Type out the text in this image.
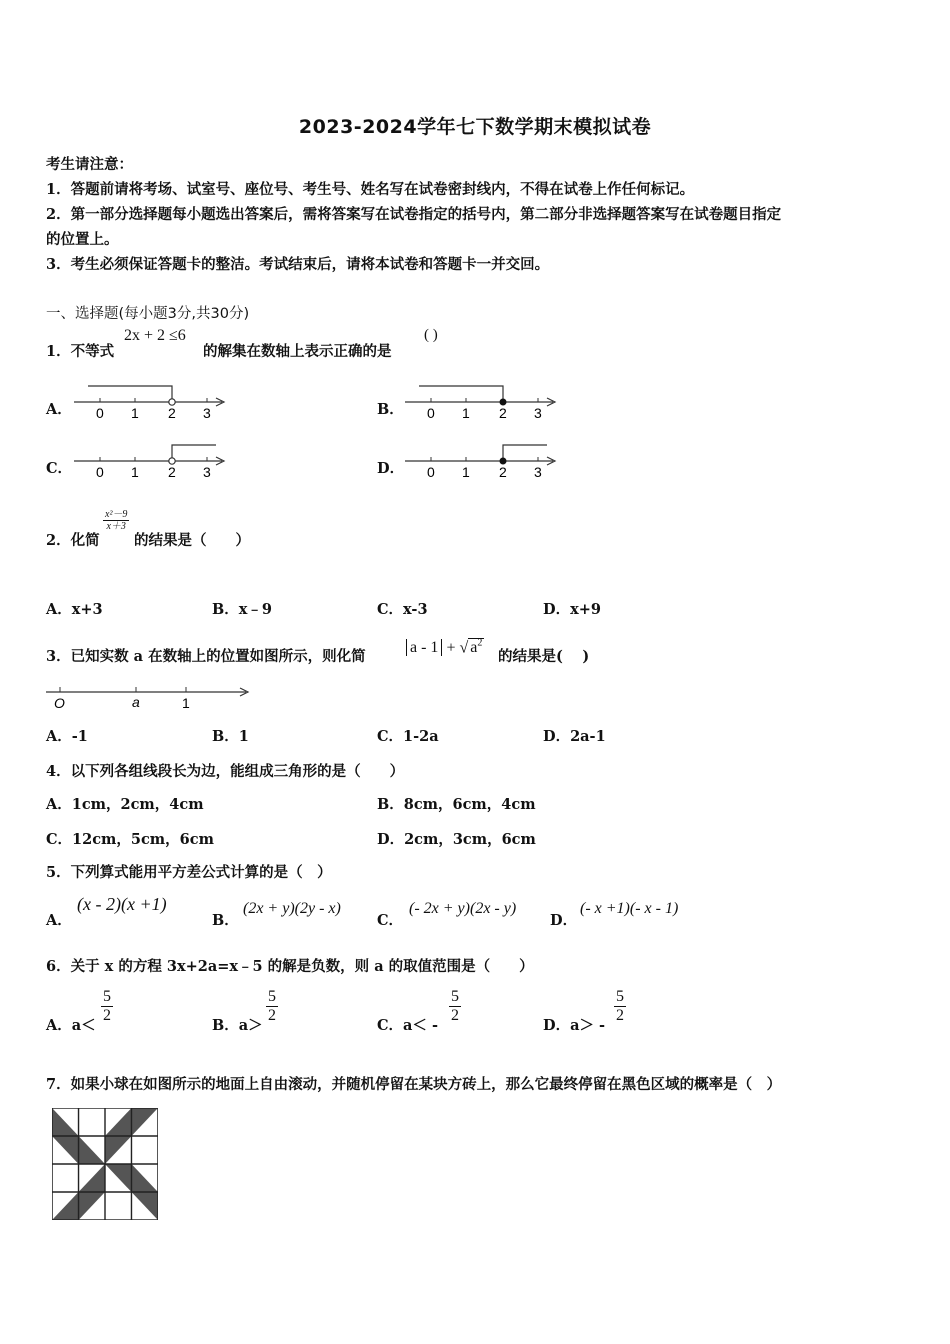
2023-2024学年七下数学期末模拟试卷
考生请注意：
1．答题前请将考场、试室号、座位号、考生号、姓名写在试卷密封线内，不得在试卷上作任何标记。
2．第一部分选择题每小题选出答案后，需将答案写在试卷指定的括号内，第二部分非选择题答案写在试卷题目指定
的位置上。
3．考生必须保证答题卡的整洁。考试结束后，请将本试卷和答题卡一并交回。
一、选择题(每小题3分,共30分)
1．不等式
2x + 2 ≤6
的解集在数轴上表示正确的是
( )
A．	B．
C．	D．
0 1 2 3	0 1 2 3
0 1 2 3	0 1 2 3
2．化简
$\frac{\text{x²－9}}{x+3}$
的结果是（　　）
A．x+3	B．x﹣9	C．x-3	D．x+9
3．已知实数 a 在数轴上的位置如图所示，则化简
a - 1 + √ $a^2$
的结果是(　 )
O	a	1
A．-1	B．1	C．1-2a	D．2a-1
4．以下列各组线段长为边，能组成三角形的是（　　）
A．1cm，2cm，4cm	B．8cm，6cm，4cm
C．12cm，5cm，6cm	D．2cm，3cm，6cm
5．下列算式能用平方差公式计算的是（　）
A．
(x - 2)(x +1)
B．
(2x + y)(2y - x)
C．
(- 2x + y)(2x - y)
D．
(- x +1)(- x - 1)
6．关于 x 的方程 3x+2a=x﹣5 的解是负数，则 a 的取值范围是（　　）
A．a＜
$\frac{5}{2}$
B．a＞
$\frac{5}{2}$
C．a＜ -
$\frac{5}{2}$
D．a＞ -
$\frac{5}{2}$
7．如果小球在如图所示的地面上自由滚动，并随机停留在某块方砖上，那么它最终停留在黑色区域的概率是（　）
